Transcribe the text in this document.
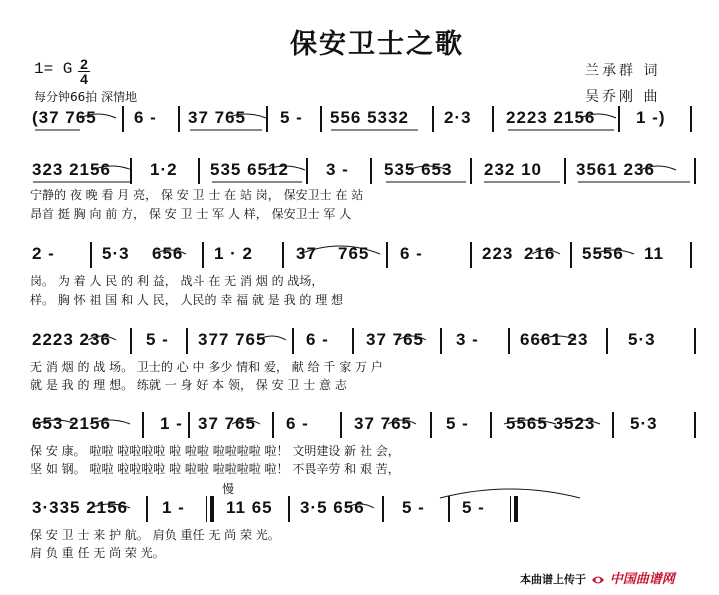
保安卫士之歌
1= G 2
4
每分钟66拍 深情地
兰承群 词
吴乔刚 曲
(37 765 6 - 37 765 5 - 556 5332 2·3 2223 2156 1 -)
323 2156 1·2 535 6512 3 - 535 653 232 10 3561 236
宁静的 夜 晚 看 月 亮， 保 安 卫 士 在 站 岗， 保安卫士 在 站
昂首 挺 胸 向 前 方， 保 安 卫 士 军 人 样， 保安卫士 军 人
2 -	5·3 656 1 · 2	37 765 6 -	223 216 5556 11
岗。 为 着 人 民 的 利 益， 战斗 在 无 消 烟 的 战场，
样。 胸 怀 祖 国 和 人 民， 人民的 幸 福 就 是 我 的 理 想
2223 236 5 - 377 765 6 - 37 765 3 - 6661 23 5·3
无 消 烟 的 战 场。 卫士的 心 中 多少 情和 爱， 献 给 千 家 万 户
就 是 我 的 理 想。 练就 一 身 好 本 领， 保 安 卫 士 意 志
653 2156	1 - 37 765 6 -	37 765 5 - 5565 3523 5·3
保 安 康。 啦啦 啦啦啦啦 啦 啦啦 啦啦啦啦 啦！ 文明建设 新 社 会，
坚 如 钢。 啦啦 啦啦啦啦 啦 啦啦 啦啦啦啦 啦！ 不畏辛劳 和 艰 苦，
慢
3·335 2156 1 - 11 65 3·5 656 5 - 5 -
保 安 卫 士 来 护 航。 肩负 重任 无 尚 荣 光。
肩 负 重 任 无 尚 荣 光。
本曲谱上传于 中国曲谱网
